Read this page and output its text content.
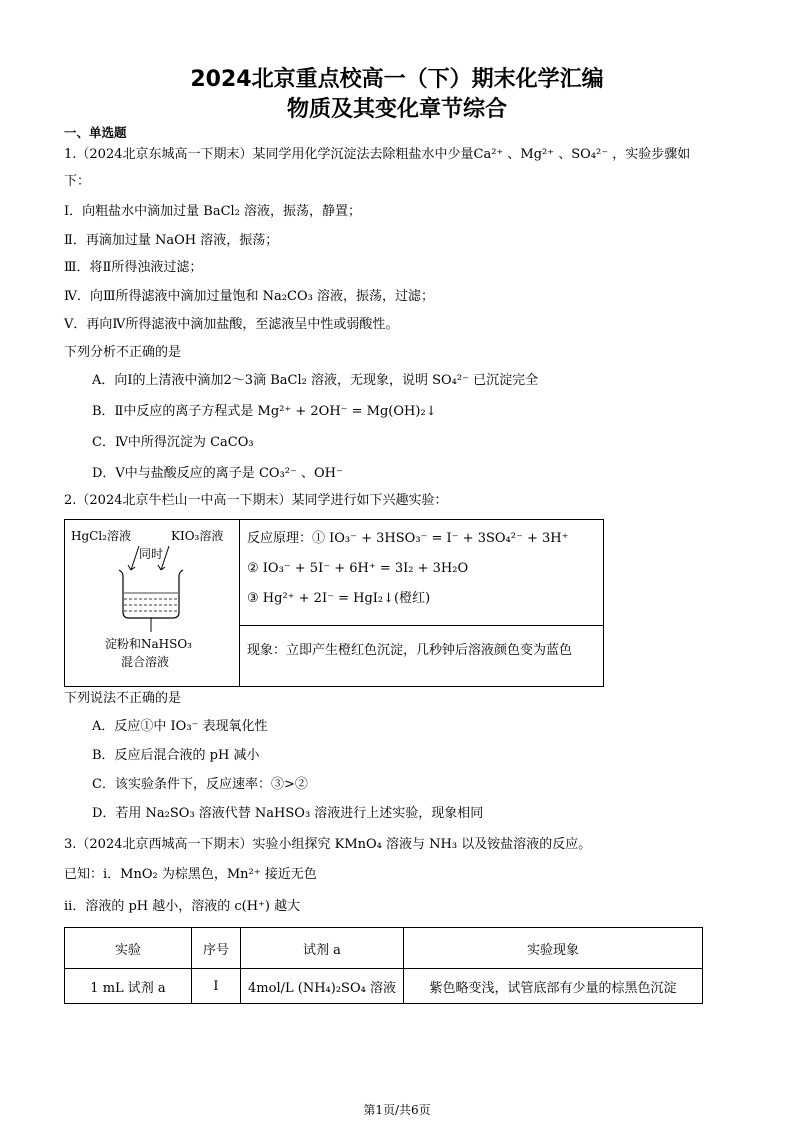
2024北京重点校高一（下）期末化学汇编
物质及其变化章节综合
一、单选题
1.（2024北京东城高一下期末）某同学用化学沉淀法去除粗盐水中少量Ca²⁺ 、Mg²⁺ 、SO₄²⁻ ，实验步骤如
下：
Ⅰ．向粗盐水中滴加过量 BaCl₂ 溶液，振荡，静置；
Ⅱ．再滴加过量 NaOH 溶液，振荡；
Ⅲ．将Ⅱ所得浊液过滤；
Ⅳ．向Ⅲ所得滤液中滴加过量饱和 Na₂CO₃ 溶液，振荡，过滤；
Ⅴ．再向Ⅳ所得滤液中滴加盐酸，至滤液呈中性或弱酸性。
下列分析不正确的是
A．向Ⅰ的上清液中滴加2～3滴 BaCl₂ 溶液，无现象，说明 SO₄²⁻ 已沉淀完全
B．Ⅱ中反应的离子方程式是 Mg²⁺ + 2OH⁻ = Mg(OH)₂↓
C．Ⅳ中所得沉淀为 CaCO₃
D．Ⅴ中与盐酸反应的离子是 CO₃²⁻ 、OH⁻
2.（2024北京牛栏山一中高一下期末）某同学进行如下兴趣实验：
HgCl₂溶液	KIO₃溶液
同时
淀粉和NaHSO₃
混合溶液
反应原理：① IO₃⁻ + 3HSO₃⁻ = I⁻ + 3SO₄²⁻ + 3H⁺
② IO₃⁻ + 5I⁻ + 6H⁺ = 3I₂ + 3H₂O
③ Hg²⁺ + 2I⁻ = HgI₂↓(橙红)
现象：立即产生橙红色沉淀，几秒钟后溶液颜色变为蓝色
下列说法不正确的是
A．反应①中 IO₃⁻ 表现氧化性
B．反应后混合液的 pH 减小
C．该实验条件下，反应速率：③>②
D．若用 Na₂SO₃ 溶液代替 NaHSO₃ 溶液进行上述实验，现象相同
3.（2024北京西城高一下期末）实验小组探究 KMnO₄ 溶液与 NH₃ 以及铵盐溶液的反应。
已知：i．MnO₂ 为棕黑色，Mn²⁺ 接近无色
ii．溶液的 pH 越小，溶液的 c(H⁺) 越大
实验	序号	试剂 a	实验现象
1 mL 试剂 a	I	4mol/L (NH₄)₂SO₄ 溶液	紫色略变浅，试管底部有少量的棕黑色沉淀
第1页/共6页
